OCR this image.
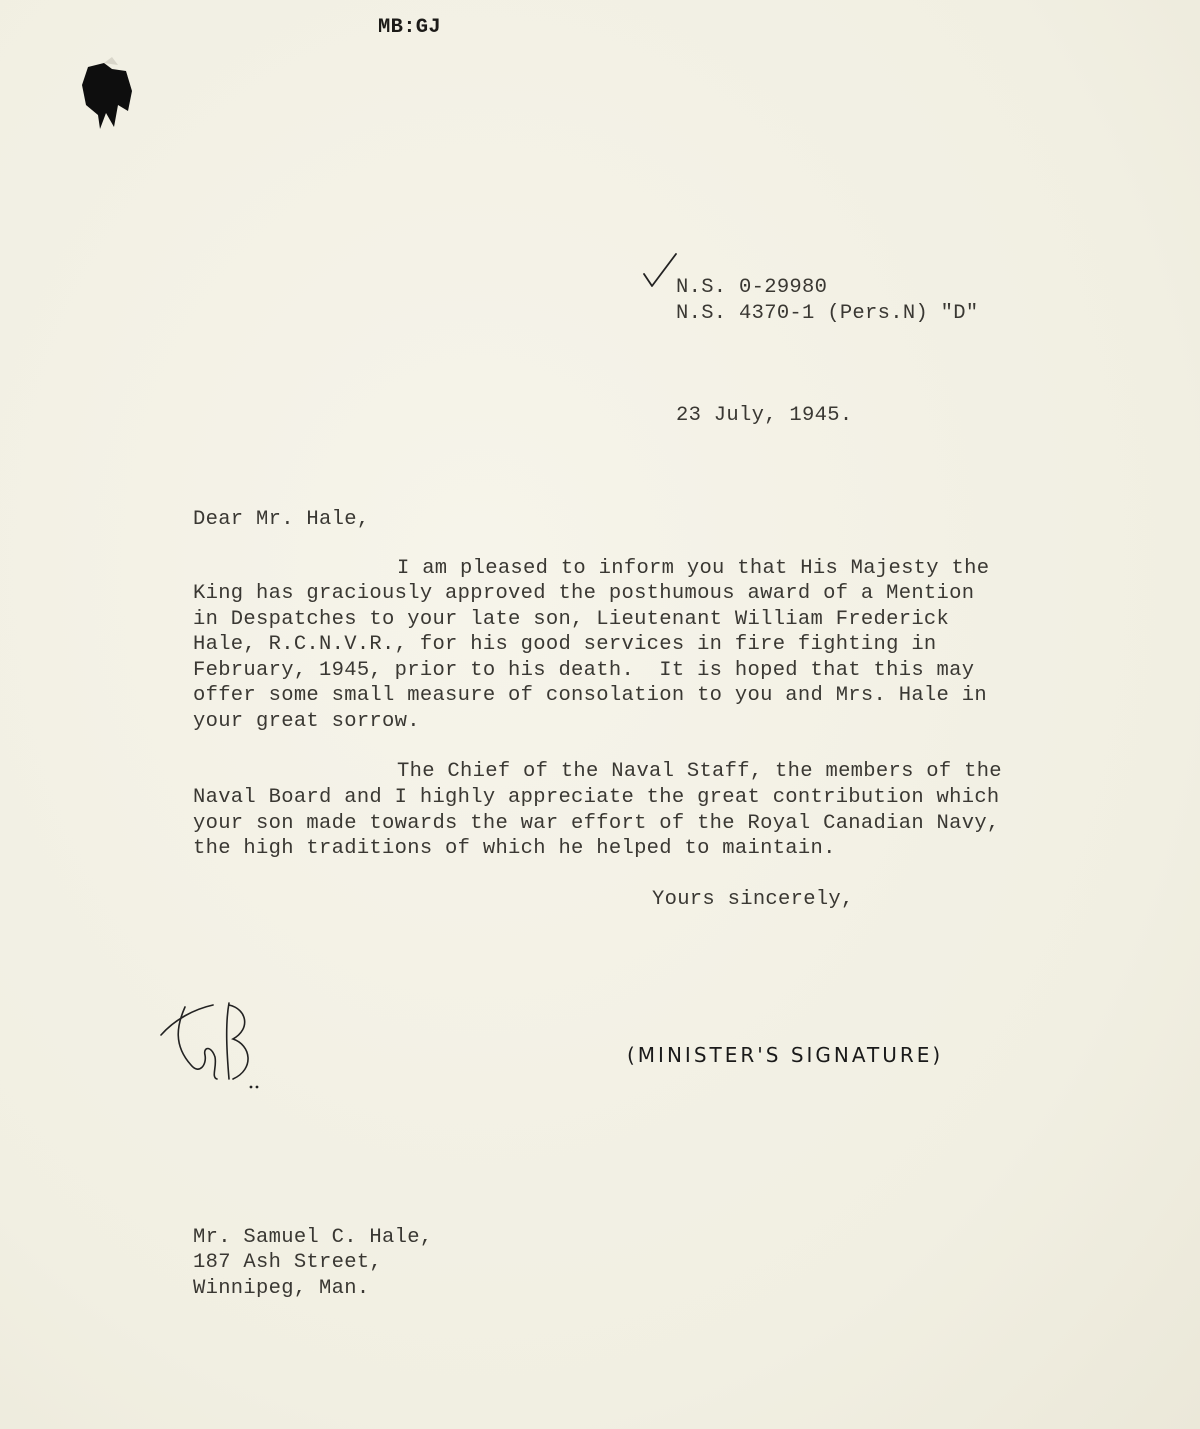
MB:GJ

N.S. 0-29980

N.S. 4370-1 (Pers.N) "D"

23 July, 1945.

Dear Mr. Hale,

I am pleased to inform you that His Majesty the

King has graciously approved the posthumous award of a Mention

in Despatches to your late son, Lieutenant William Frederick

Hale, R.C.N.V.R., for his good services in fire fighting in

February, 1945, prior to his death.  It is hoped that this may

offer some small measure of consolation to you and Mrs. Hale in

your great sorrow.

The Chief of the Naval Staff, the members of the

Naval Board and I highly appreciate the great contribution which

your son made towards the war effort of the Royal Canadian Navy,

the high traditions of which he helped to maintain.

Yours sincerely,

(MINISTER'S SIGNATURE)

Mr. Samuel C. Hale,

187 Ash Street,

Winnipeg, Man.
